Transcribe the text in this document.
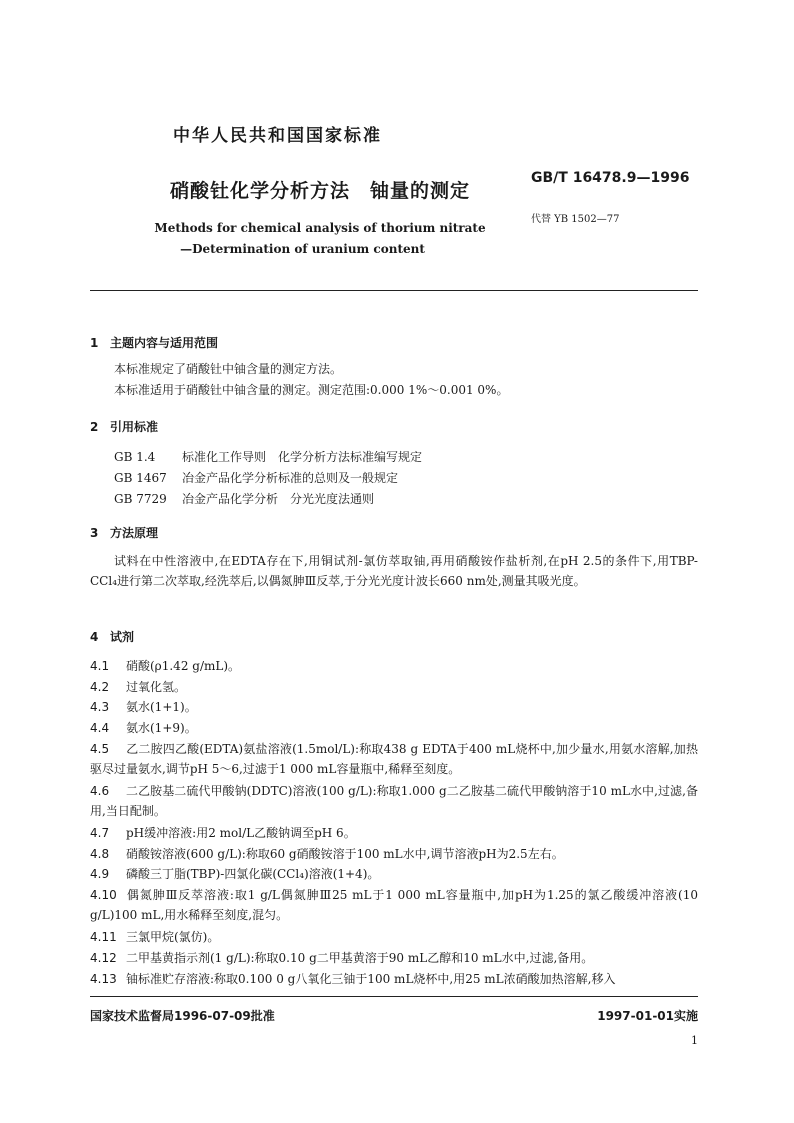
中华人民共和国国家标准
硝酸钍化学分析方法　铀量的测定
GB/T 16478.9—1996
代替 YB 1502—77
Methods for chemical analysis of thorium nitrate
—Determination of uranium content
1 主题内容与适用范围
本标准规定了硝酸钍中铀含量的测定方法。
本标准适用于硝酸钍中铀含量的测定。测定范围:0.000 1%～0.001 0%。
2 引用标准
GB 1.4 标准化工作导则　化学分析方法标准编写规定
GB 1467 冶金产品化学分析标准的总则及一般规定
GB 7729 冶金产品化学分析　分光光度法通则
3 方法原理
试料在中性溶液中,在EDTA存在下,用铜试剂-氯仿萃取铀,再用硝酸铵作盐析剂,在pH 2.5的条件下,用TBP-CCl₄进行第二次萃取,经洗萃后,以偶氮胂Ⅲ反萃,于分光光度计波长660 nm处,测量其吸光度。
4 试剂
4.1 硝酸(ρ1.42 g/mL)。
4.2 过氧化氢。
4.3 氨水(1+1)。
4.4 氨水(1+9)。
4.5 乙二胺四乙酸(EDTA)氨盐溶液(1.5mol/L):称取438 g EDTA于400 mL烧杯中,加少量水,用氨水溶解,加热驱尽过量氨水,调节pH 5～6,过滤于1 000 mL容量瓶中,稀释至刻度。
4.6 二乙胺基二硫代甲酸钠(DDTC)溶液(100 g/L):称取1.000 g二乙胺基二硫代甲酸钠溶于10 mL水中,过滤,备用,当日配制。
4.7 pH缓冲溶液:用2 mol/L乙酸钠调至pH 6。
4.8 硝酸铵溶液(600 g/L):称取60 g硝酸铵溶于100 mL水中,调节溶液pH为2.5左右。
4.9 磷酸三丁脂(TBP)-四氯化碳(CCl₄)溶液(1+4)。
4.10 偶氮胂Ⅲ反萃溶液:取1 g/L偶氮胂Ⅲ25 mL于1 000 mL容量瓶中,加pH为1.25的氯乙酸缓冲溶液(10 g/L)100 mL,用水稀释至刻度,混匀。
4.11 三氯甲烷(氯仿)。
4.12 二甲基黄指示剂(1 g/L):称取0.10 g二甲基黄溶于90 mL乙醇和10 mL水中,过滤,备用。
4.13 铀标准贮存溶液:称取0.100 0 g八氧化三铀于100 mL烧杯中,用25 mL浓硝酸加热溶解,移入
国家技术监督局1996-07-09批准	1997-01-01实施
1
